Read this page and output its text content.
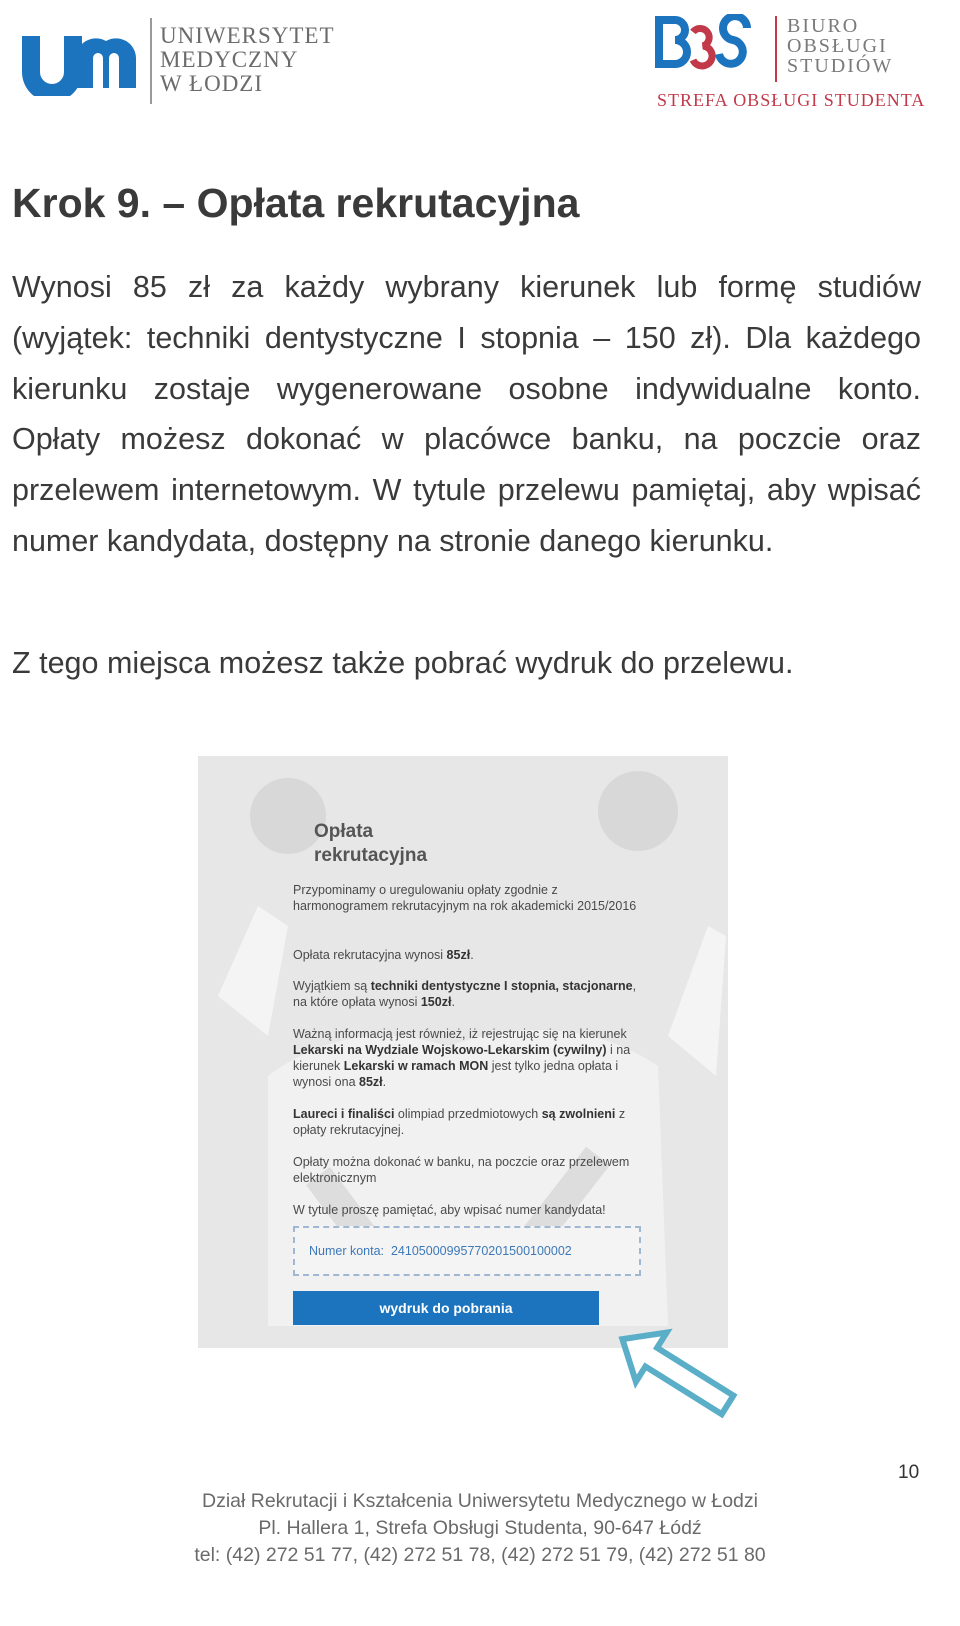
UNIWERSYTET
MEDYCZNY
W ŁODZI
BIURO
OBSŁUGI
STUDIÓW
STREFA OBSŁUGI STUDENTA
Krok 9. – Opłata rekrutacyjna

Wynosi 85 zł za każdy wybrany kierunek lub formę studiów (wyjątek: techniki dentystyczne I stopnia – 150 zł). Dla każdego kierunku zostaje wygenerowane osobne indywidualne konto. Opłaty możesz dokonać w placówce banku, na poczcie oraz przelewem internetowym. W tytule przelewu pamiętaj, aby wpisać numer kandydata, dostępny na stronie danego kierunku.

Z tego miejsca możesz także pobrać wydruk do przelewu.

Opłata
rekrutacyjna
Przypominamy o uregulowaniu opłaty zgodnie z harmonogramem rekrutacyjnym na rok akademicki 2015/2016
Opłata rekrutacyjna wynosi 85zł.
Wyjątkiem są techniki dentystyczne I stopnia, stacjonarne, na które opłata wynosi 150zł.
Ważną informacją jest również, iż rejestrując się na kierunek Lekarski na Wydziale Wojskowo-Lekarskim (cywilny) i na kierunek Lekarski w ramach MON jest tylko jedna opłata i wynosi ona 85zł.
Laureci i finaliści olimpiad przedmiotowych są zwolnieni z opłaty rekrutacyjnej.
Opłaty można dokonać w banku, na poczcie oraz przelewem elektronicznym
W tytule proszę pamiętać, aby wpisać numer kandydata!
Numer konta: 24105000995770201500100002
wydruk do pobrania
10
Dział Rekrutacji i Kształcenia Uniwersytetu Medycznego w Łodzi
Pl. Hallera 1, Strefa Obsługi Studenta, 90-647 Łódź
tel: (42) 272 51 77, (42) 272 51 78, (42) 272 51 79, (42) 272 51 80
